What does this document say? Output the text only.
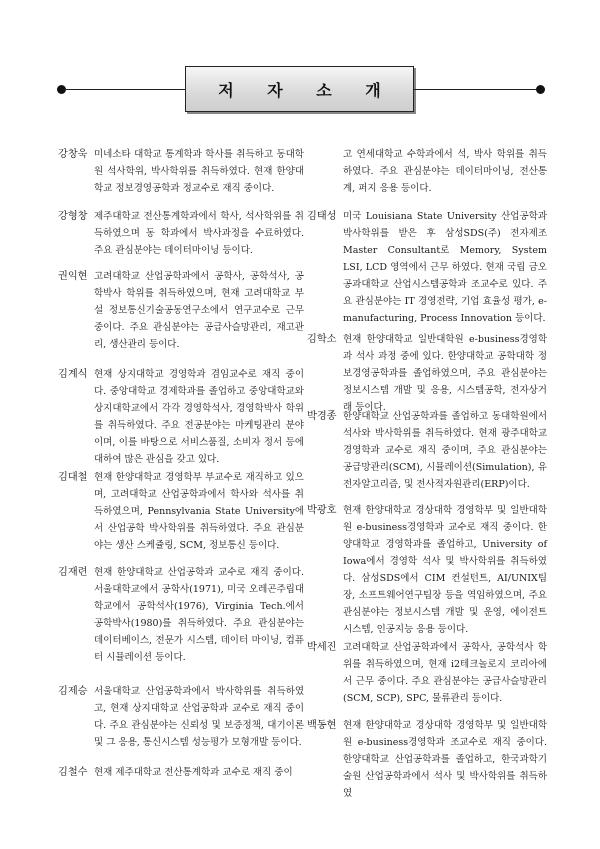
저 자 소 개
강창욱 미네소타 대학교 통계학과 학사를 취득하고 동대학원 석사학위, 박사학위를 취득하였다. 현재 한양대학교 정보경영공학과 정교수로 재직 중이다.
강형창 제주대학교 전산통계학과에서 학사, 석사학위를 취득하였으며 동 학과에서 박사과정을 수료하였다. 주요 관심분야는 데이터마이닝 등이다.
권익현 고려대학교 산업공학과에서 공학사, 공학석사, 공학박사 학위를 취득하였으며, 현재 고려대학교 부설 정보통신기술공동연구소에서 연구교수로 근무 중이다. 주요 관심분야는 공급사슬망관리, 재고관리, 생산관리 등이다.
김계식 현재 상지대학교 경영학과 겸임교수로 재직 중이다. 중앙대학교 경제학과를 졸업하고 중앙대학교와 상지대학교에서 각각 경영학석사, 경영학박사 학위를 취득하였다. 주요 전공분야는 마케팅관리 분야이며, 이를 바탕으로 서비스품질, 소비자 정서 등에 대하여 많은 관심을 갖고 있다.
김대철 현재 한양대학교 경영학부 부교수로 재직하고 있으며, 고려대학교 산업공학과에서 학사와 석사를 취득하였으며, Pennsylvania State University에서 산업공학 박사학위를 취득하였다. 주요 관심분야는 생산 스케쥴링, SCM, 정보통신 등이다.
김재련 현재 한양대학교 산업공학과 교수로 재직 중이다. 서울대학교에서 공학사(1971), 미국 오레곤주립대학교에서 공학석사(1976), Virginia Tech.에서 공학박사(1980)를 취득하였다. 주요 관심분야는 데이터베이스, 전문가 시스템, 데이터 마이닝, 컴퓨터 시뮬레이션 등이다.
김제승 서울대학교 산업공학과에서 박사학위를 취득하였고, 현재 상지대학교 산업공학과 교수로 재직 중이다. 주요 관심분야는 신뢰성 및 보증정책, 대기이론 및 그 응용, 통신시스템 성능평가 모형개발 등이다.
김철수 현재 제주대학교 전산통계학과 교수로 재직 중이
고 연세대학교 수학과에서 석, 박사 학위를 취득하였다. 주요 관심분야는 데이터마이닝, 전산통계, 퍼지 응용 등이다.
김태성 미국 Louisiana State University 산업공학과 박사학위를 받은 후 삼성SDS(주) 전자제조 Master Consultant로 Memory, System LSI, LCD 영역에서 근무 하였다. 현재 국립 금오공과대학교 산업시스템공학과 조교수로 있다. 주요 관심분야는 IT 경영전략, 기업 효율성 평가, e-manufacturing, Process Innovation 등이다.
김학소 현재 한양대학교 일반대학원 e-business경영학과 석사 과정 중에 있다. 한양대학교 공학대학 정보경영공학과를 졸업하였으며, 주요 관심분야는 정보시스템 개발 및 응용, 시스템공학, 전자상거래 등이다.
박경종 한양대학교 산업공학과를 졸업하고 동대학원에서 석사와 박사학위를 취득하였다. 현재 광주대학교 경영학과 교수로 재직 중이며, 주요 관심분야는 공급망관리(SCM), 시뮬레이션(Simulation), 유전자알고리즘, 및 전사적자원관리(ERP)이다.
박광호 현재 한양대학교 경상대학 경영학부 및 일반대학원 e-business경영학과 교수로 재직 중이다. 한양대학교 경영학과를 졸업하고, University of Iowa에서 경영학 석사 및 박사학위를 취득하였다. 삼성SDS에서 CIM 컨설턴트, AI/UNIX팀장, 소프트웨어연구팀장 등을 역임하였으며, 주요 관심분야는 정보시스템 개발 및 운영, 에이전트 시스템, 인공지능 응용 등이다.
박세진 고려대학교 산업공학과에서 공학사, 공학석사 학위를 취득하였으며, 현재 i2테크놀로지 코리아에서 근무 중이다. 주요 관심분야는 공급사슬망관리(SCM, SCP), SPC, 물류관리 등이다.
백동현 현재 한양대학교 경상대학 경영학부 및 일반대학원 e-business경영학과 조교수로 재직 중이다. 한양대학교 산업공학과를 졸업하고, 한국과학기술원 산업공학과에서 석사 및 박사학위를 취득하였
